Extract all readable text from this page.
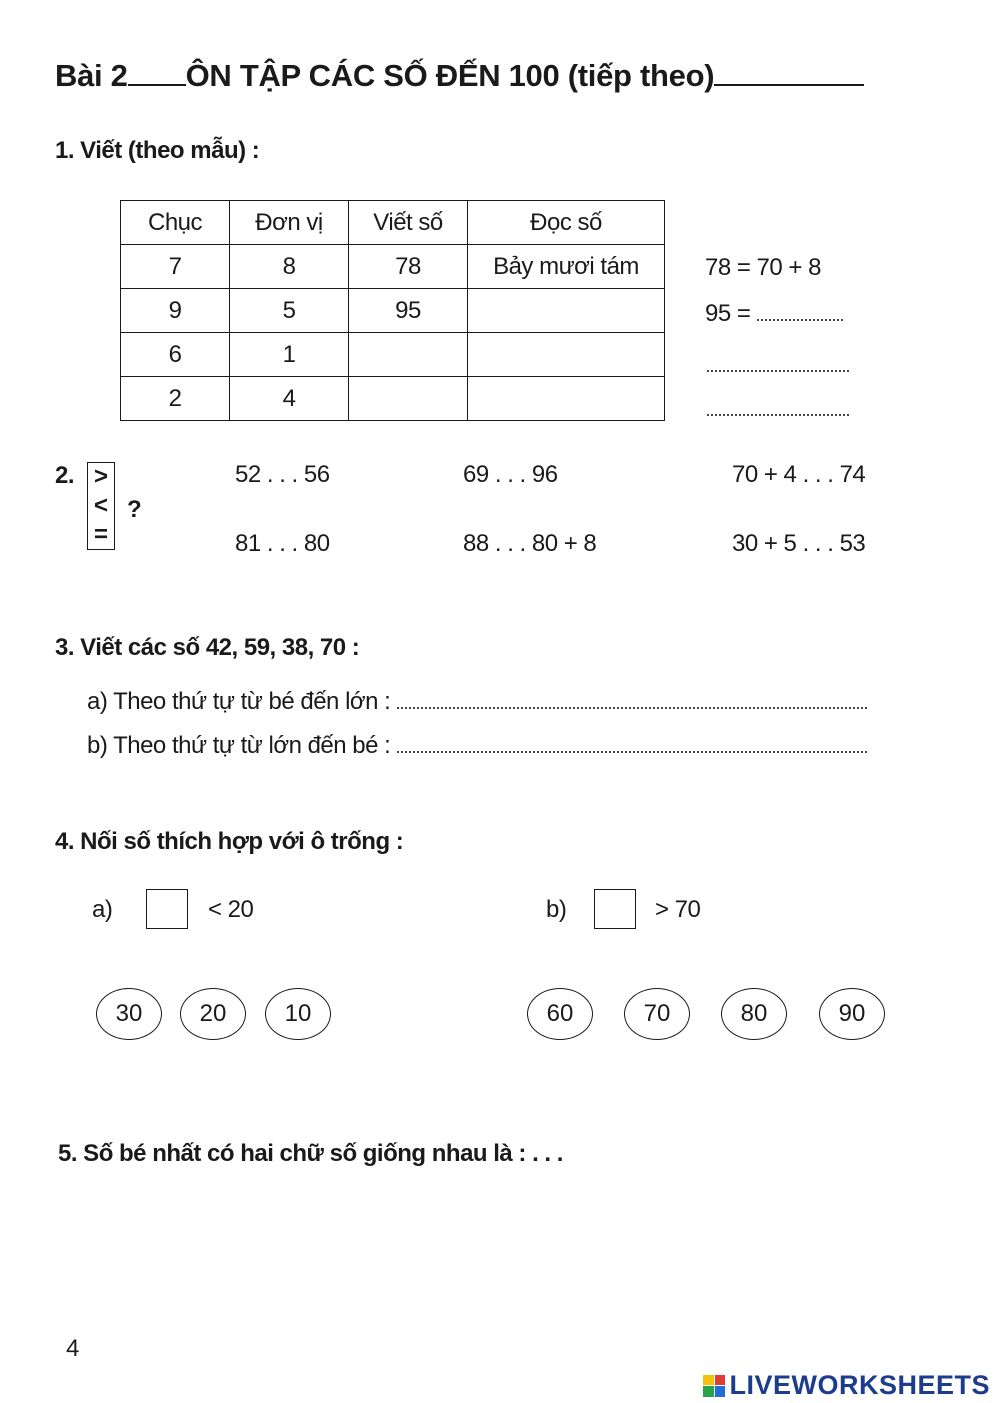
Bài 2 ÔN TẬP CÁC SỐ ĐẾN 100 (tiếp theo)
1. Viết (theo mẫu) :
Chục	Đơn vị	Viết số	Đọc số
7	8	78	Bảy mươi tám
9	5	95	
6	1		
2	4		
78 = 70 + 8
95 =
2. >
<
=
?
52 . . . 56	69 . . . 96	70 + 4 . . . 74
81 . . . 80	88 . . . 80 + 8	30 + 5 . . . 53
3. Viết các số 42, 59, 38, 70 :
a) Theo thứ tự từ bé đến lớn :
b) Theo thứ tự từ lớn đến bé :
4. Nối số thích hợp với ô trống :
a)	< 20	b)	> 70
30	20	10	60	70	80	90
5. Số bé nhất có hai chữ số giống nhau là : . . .
4
LIVEWORKSHEETS
